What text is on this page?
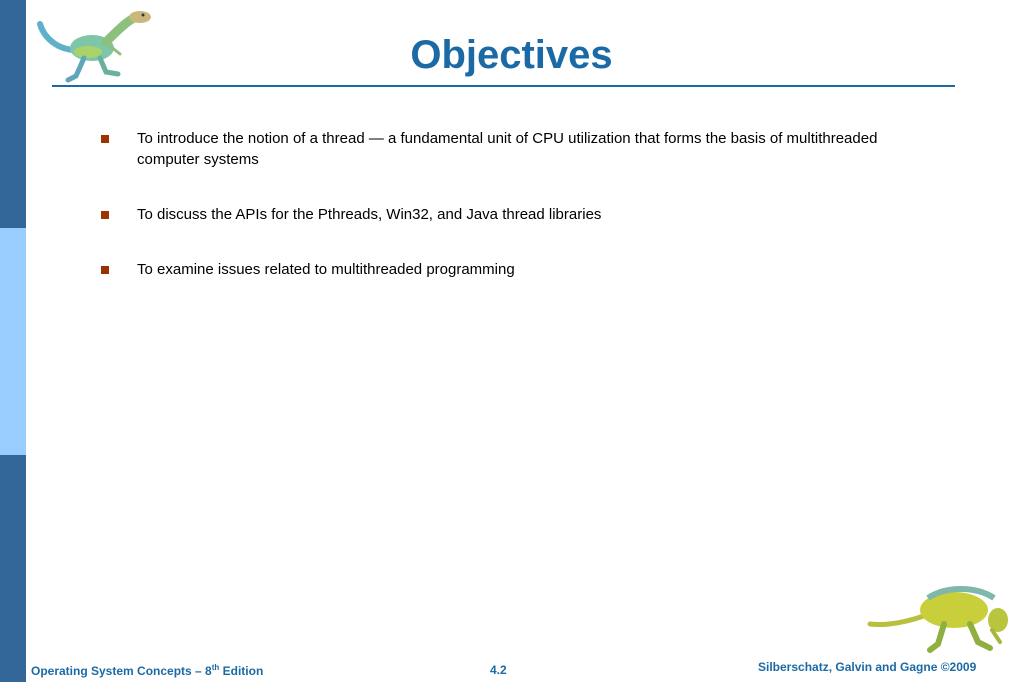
Objectives
To introduce the notion of a thread — a fundamental unit of CPU utilization that forms the basis of multithreaded computer systems
To discuss the APIs for the Pthreads, Win32, and Java thread libraries
To examine issues related to multithreaded programming
Operating System Concepts – 8th Edition	4.2	Silberschatz, Galvin and Gagne ©2009
